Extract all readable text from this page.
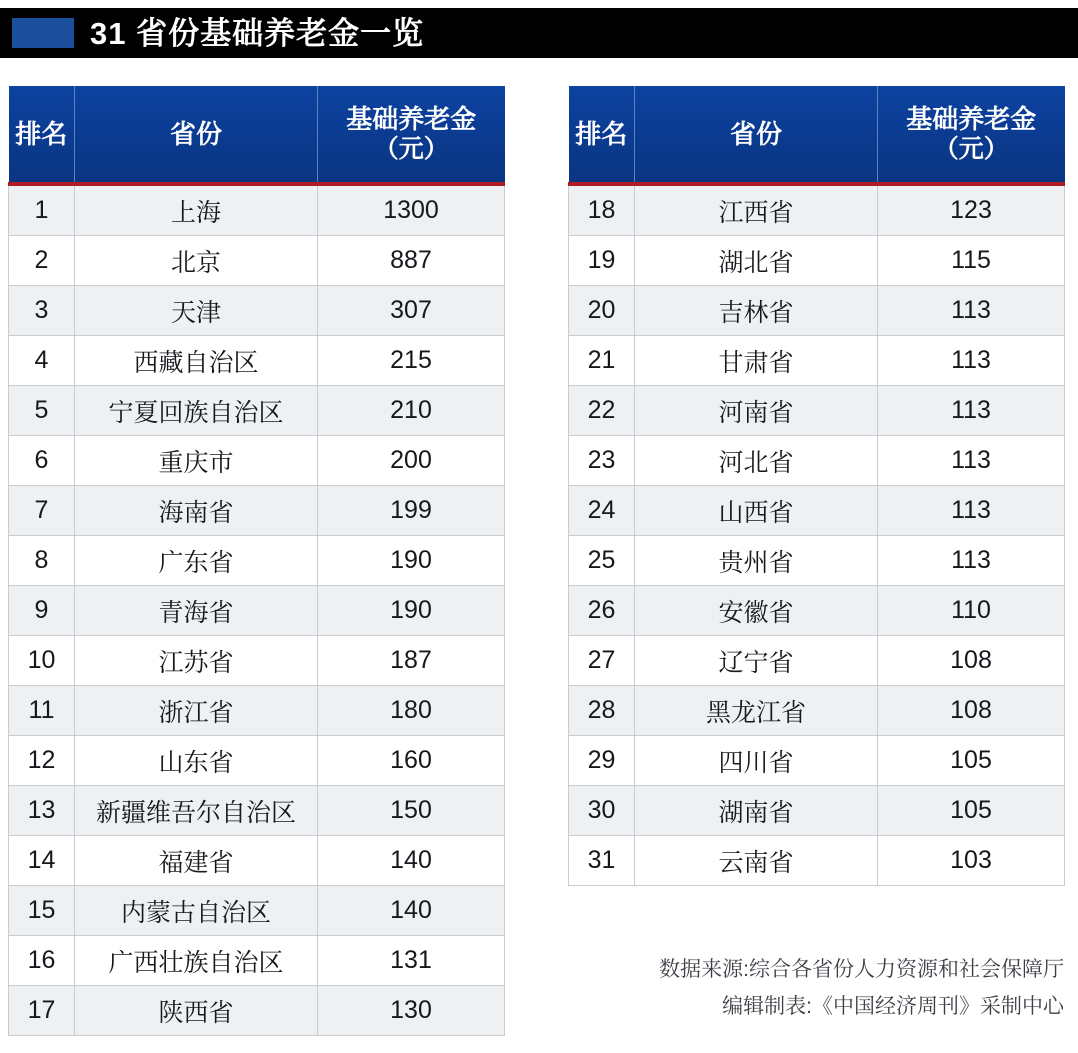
31 省份基础养老金一览
排名	省份	基础养老金
（元）

1	上海	1300
2	北京	887
3	天津	307
4	西藏自治区	215
5	宁夏回族自治区	210
6	重庆市	200
7	海南省	199
8	广东省	190
9	青海省	190
10	江苏省	187
11	浙江省	180
12	山东省	160
13	新疆维吾尔自治区	150
14	福建省	140
15	内蒙古自治区	140
16	广西壮族自治区	131
17	陕西省	130
排名	省份	基础养老金
（元）

18	江西省	123
19	湖北省	115
20	吉林省	113
21	甘肃省	113
22	河南省	113
23	河北省	113
24	山西省	113
25	贵州省	113
26	安徽省	110
27	辽宁省	108
28	黑龙江省	108
29	四川省	105
30	湖南省	105
31	云南省	103
数据来源:综合各省份人力资源和社会保障厅
编辑制表:《中国经济周刊》采制中心
